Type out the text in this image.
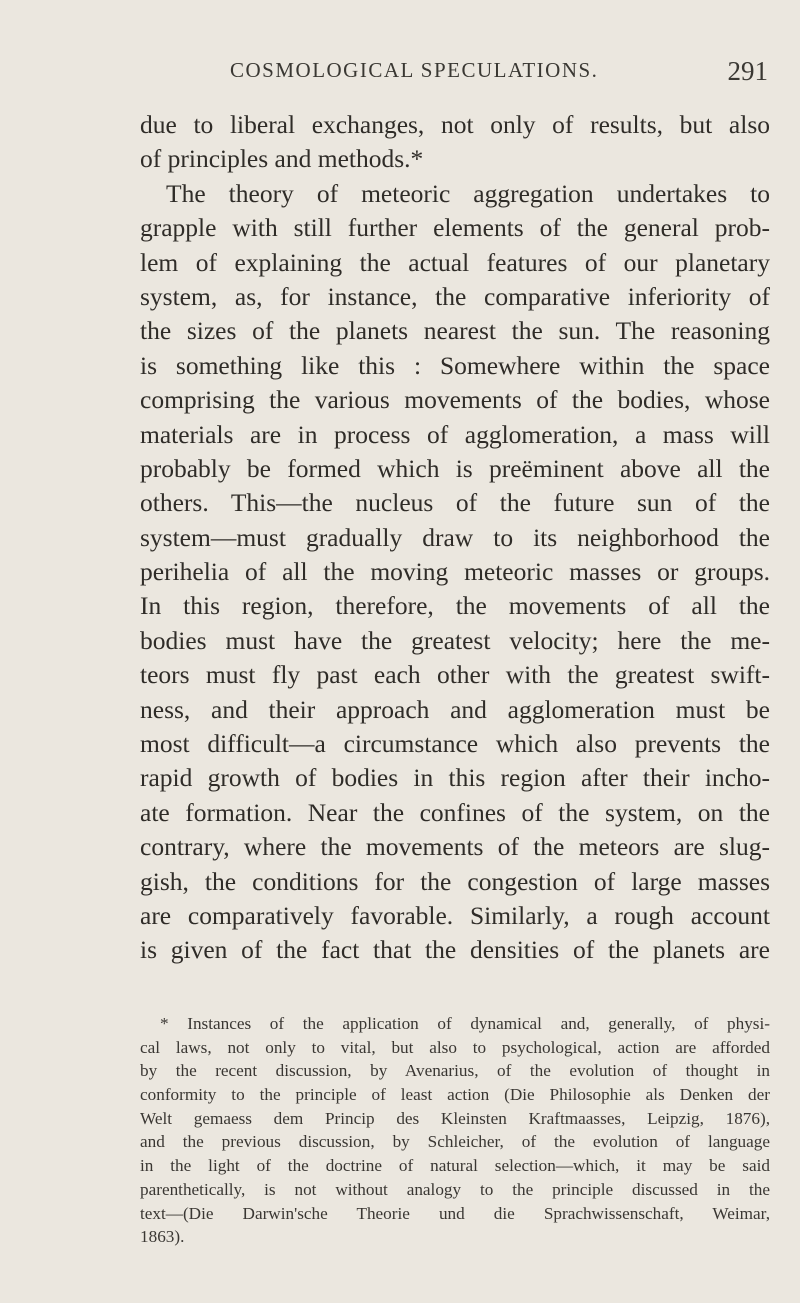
COSMOLOGICAL SPECULATIONS.	291
due to liberal exchanges, not only of results, but also
of principles and methods.*
The theory of meteoric aggregation undertakes to
grapple with still further elements of the general prob-
lem of explaining the actual features of our planetary
system, as, for instance, the comparative inferiority of
the sizes of the planets nearest the sun. The reasoning
is something like this : Somewhere within the space
comprising the various movements of the bodies, whose
materials are in process of agglomeration, a mass will
probably be formed which is preëminent above all the
others. This—the nucleus of the future sun of the
system—must gradually draw to its neighborhood the
perihelia of all the moving meteoric masses or groups.
In this region, therefore, the movements of all the
bodies must have the greatest velocity; here the me-
teors must fly past each other with the greatest swift-
ness, and their approach and agglomeration must be
most difficult—a circumstance which also prevents the
rapid growth of bodies in this region after their incho-
ate formation. Near the confines of the system, on the
contrary, where the movements of the meteors are slug-
gish, the conditions for the congestion of large masses
are comparatively favorable. Similarly, a rough account
is given of the fact that the densities of the planets are
* Instances of the application of dynamical and, generally, of physi-
cal laws, not only to vital, but also to psychological, action are afforded
by the recent discussion, by Avenarius, of the evolution of thought in
conformity to the principle of least action (Die Philosophie als Denken der
Welt gemaess dem Princip des Kleinsten Kraftmaasses, Leipzig, 1876),
and the previous discussion, by Schleicher, of the evolution of language
in the light of the doctrine of natural selection—which, it may be said
parenthetically, is not without analogy to the principle discussed in the
text—(Die Darwin'sche Theorie und die Sprachwissenschaft, Weimar,
1863).
